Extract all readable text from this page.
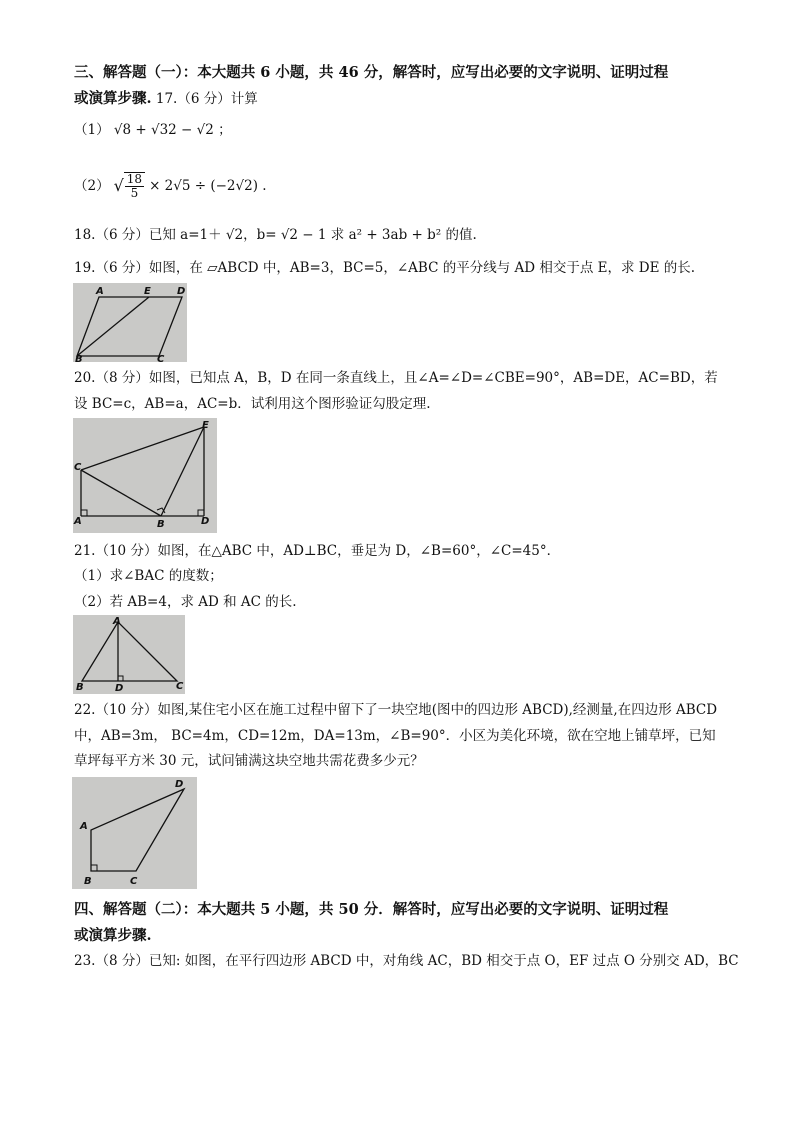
三、解答题（一）：本大题共 6 小题，共 46 分，解答时，应写出必要的文字说明、证明过程
或演算步骤. 17.（6 分）计算
（1） √8 + √32 − √2 ；
（2） √ $\frac{18}{5} \times 2√5 \div (-2√2)$ .
18.（6 分）已知 a=1＋ √2，b= √2 − 1 求 a² + 3ab + b² 的值.
19.（6 分）如图，在 ▱ABCD 中，AB=3，BC=5，∠ABC 的平分线与 AD 相交于点 E，求 DE 的长.
A	E	D
B	C
20.（8 分）如图，已知点 A，B，D 在同一条直线上，且∠A=∠D=∠CBE=90°，AB=DE，AC=BD，若
设 BC=c，AB=a，AC=b．试利用这个图形验证勾股定理.
E
C
A	B	D
21.（10 分）如图，在△ABC 中，AD⊥BC，垂足为 D，∠B=60°，∠C=45°．
（1）求∠BAC 的度数；
（2）若 AB=4，求 AD 和 AC 的长.
A
B	D	C
22.（10 分）如图,某住宅小区在施工过程中留下了一块空地(图中的四边形 ABCD),经测量,在四边形 ABCD
中，AB=3m， BC=4m，CD=12m，DA=13m，∠B=90°．小区为美化环境，欲在空地上铺草坪，已知
草坪每平方米 30 元，试问铺满这块空地共需花费多少元？
D
A
B	C
四、解答题（二）：本大题共 5 小题，共 50 分．解答时，应写出必要的文字说明、证明过程
或演算步骤.
23.（8 分）已知: 如图，在平行四边形 ABCD 中，对角线 AC，BD 相交于点 O，EF 过点 O 分别交 AD，BC
